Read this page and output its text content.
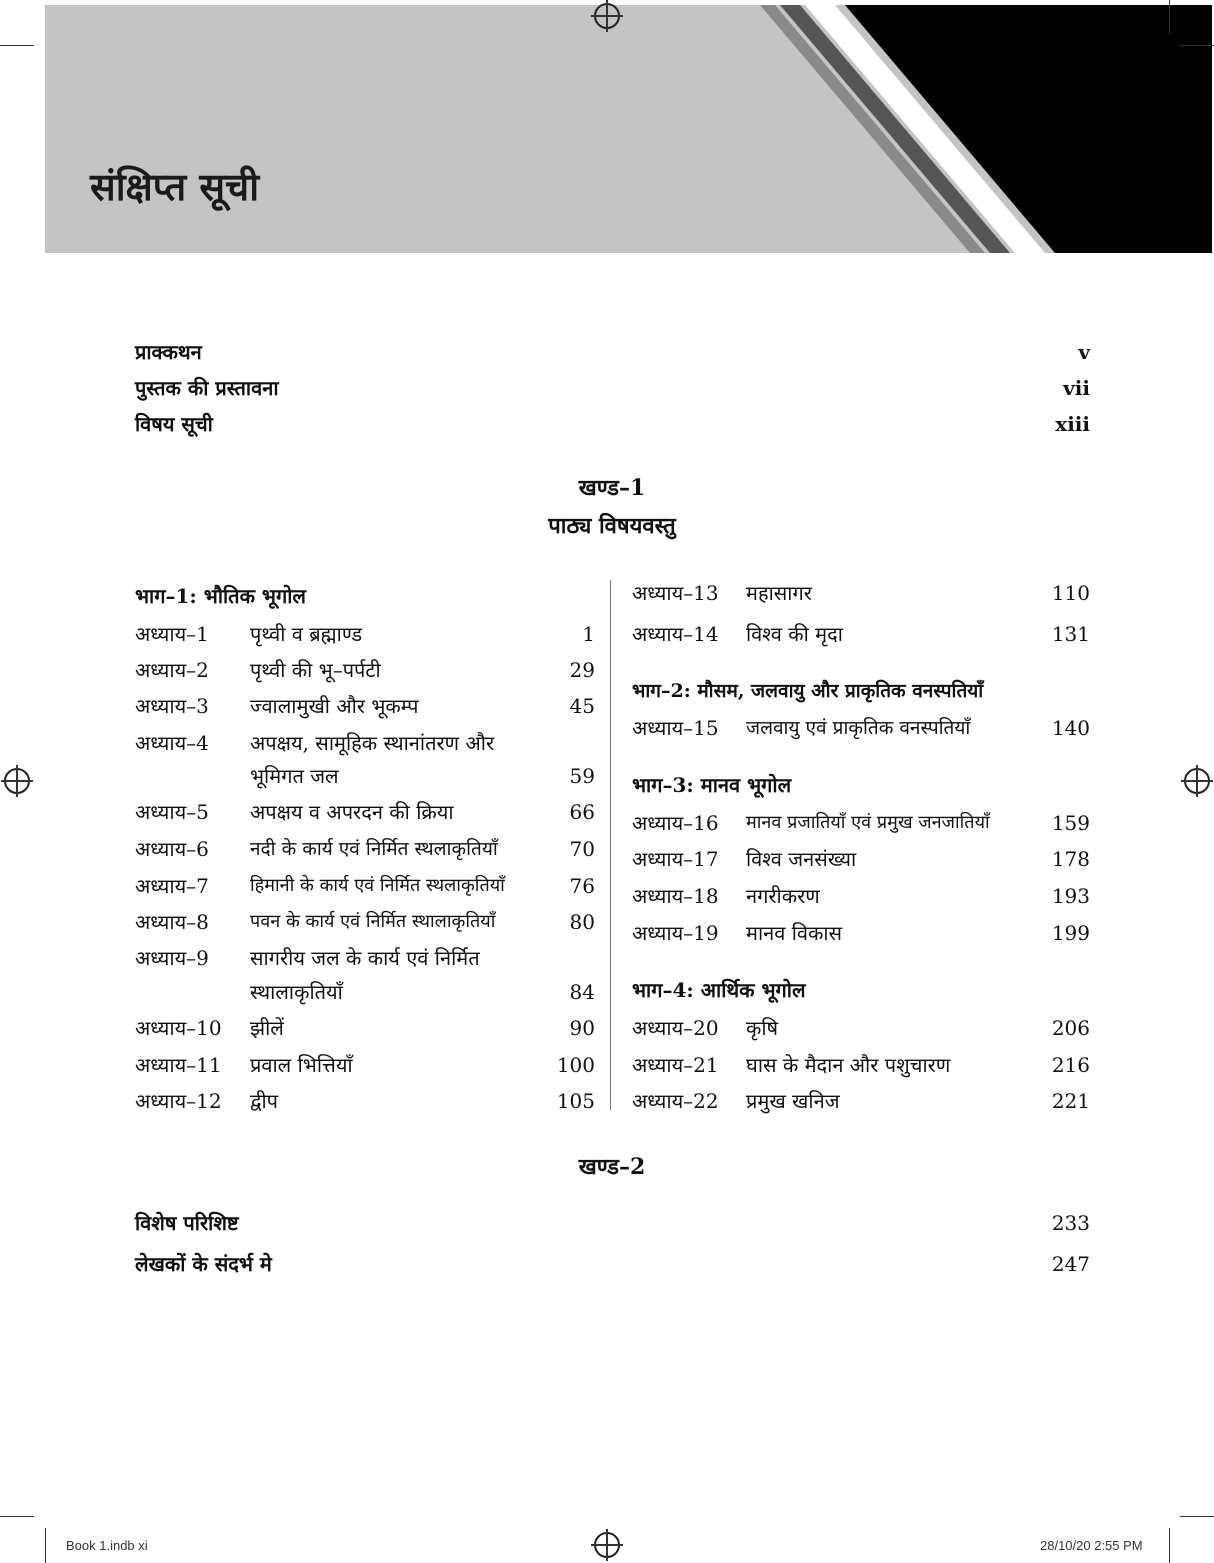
संक्षिप्त सूची
प्राक्कथन	v
पुस्तक की प्रस्तावना	vii
विषय सूची	xiii
खण्ड–1
पाठ्य विषयवस्तु
भाग–1: भौतिक भूगोल
अध्याय–1 पृथ्वी व ब्रह्माण्ड	1
अध्याय–2 पृथ्वी की भू–पर्पटी	29
अध्याय–3 ज्वालामुखी और भूकम्प	45
अध्याय–4 अपक्षय, सामूहिक स्थानांतरण और
भूमिगत जल	59
अध्याय–5 अपक्षय व अपरदन की क्रिया	66
अध्याय–6 नदी के कार्य एवं निर्मित स्थलाकृतियाँ	70
अध्याय–7 हिमानी के कार्य एवं निर्मित स्थलाकृतियाँ	76
अध्याय–8 पवन के कार्य एवं निर्मित स्थालाकृतियाँ	80
अध्याय–9 सागरीय जल के कार्य एवं निर्मित
स्थालाकृतियाँ	84
अध्याय–10 झीलें	90
अध्याय–11 प्रवाल भित्तियाँ	100
अध्याय–12 द्वीप	105
अध्याय–13 महासागर	110
अध्याय–14 विश्व की मृदा	131
भाग–2: मौसम, जलवायु और प्राकृतिक वनस्पतियाँ
अध्याय–15 जलवायु एवं प्राकृतिक वनस्पतियाँ	140
भाग–3: मानव भूगोल
अध्याय–16 मानव प्रजातियाँ एवं प्रमुख जनजातियाँ	159
अध्याय–17 विश्व जनसंख्या	178
अध्याय–18 नगरीकरण	193
अध्याय–19 मानव विकास	199
भाग–4: आर्थिक भूगोल
अध्याय–20 कृषि	206
अध्याय–21 घास के मैदान और पशुचारण	216
अध्याय–22 प्रमुख खनिज	221
खण्ड–2
विशेष परिशिष्ट	233
लेखकों के संदर्भ मे	247
Book 1.indb xi	28/10/20 2:55 PM
